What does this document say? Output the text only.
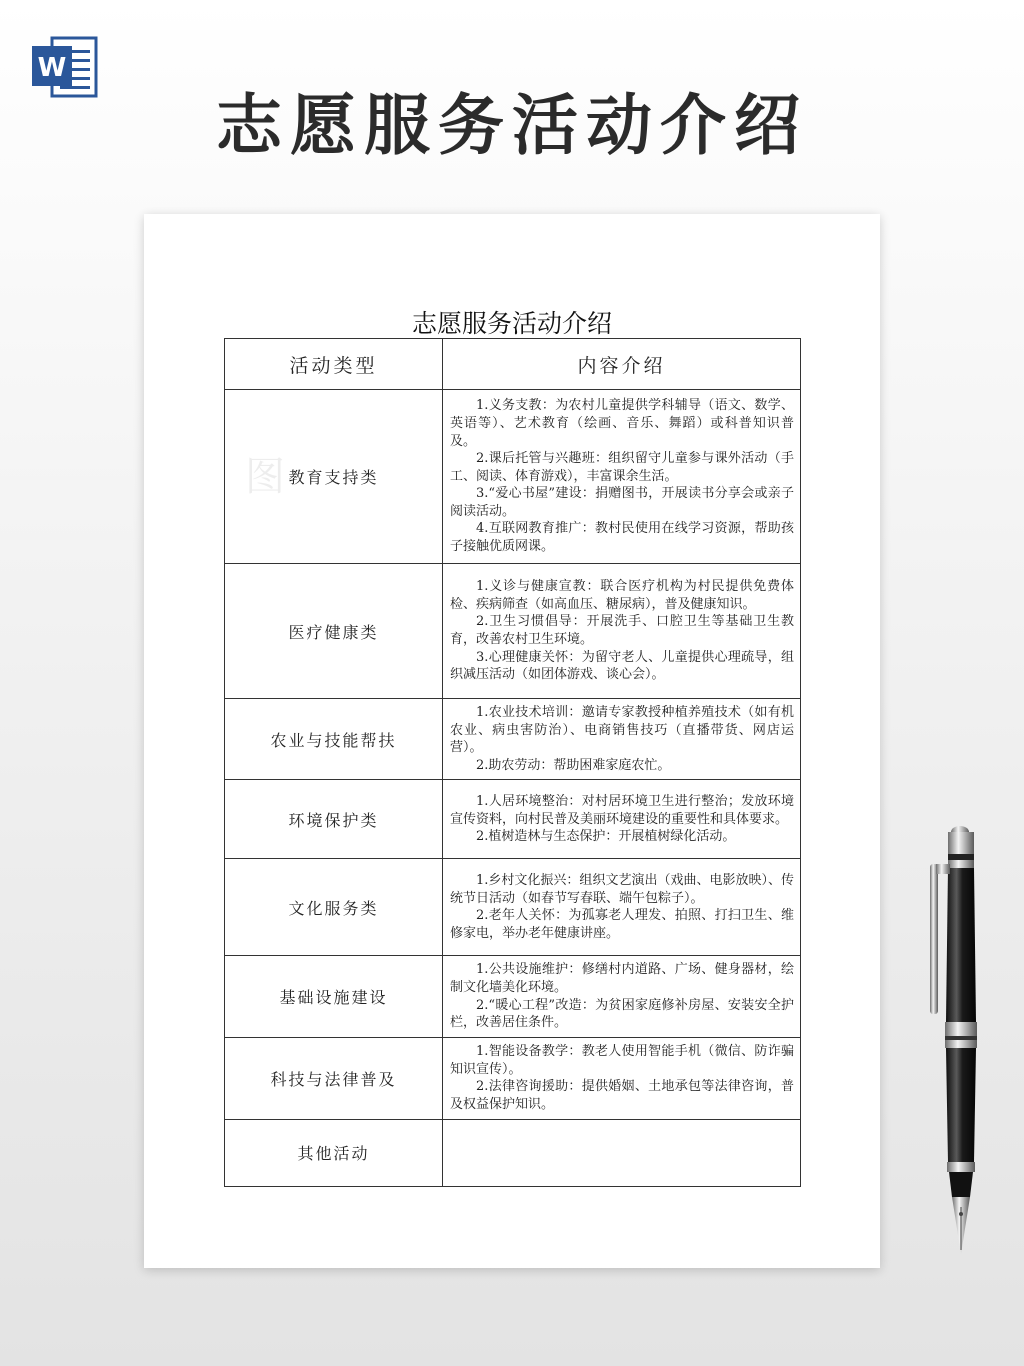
W
志愿服务活动介绍
志愿服务活动介绍
活动类型	内容介绍
教育支持类	1.义务支教：为农村儿童提供学科辅导（语文、数学、英语等）、艺术教育（绘画、音乐、舞蹈）或科普知识普及。

2.课后托管与兴趣班：组织留守儿童参与课外活动（手工、阅读、体育游戏），丰富课余生活。

3.“爱心书屋”建设：捐赠图书，开展读书分享会或亲子阅读活动。

4.互联网教育推广：教村民使用在线学习资源，帮助孩子接触优质网课。

医疗健康类	1.义诊与健康宣教：联合医疗机构为村民提供免费体检、疾病筛查（如高血压、糖尿病），普及健康知识。

2.卫生习惯倡导：开展洗手、口腔卫生等基础卫生教育，改善农村卫生环境。

3.心理健康关怀：为留守老人、儿童提供心理疏导，组织减压活动（如团体游戏、谈心会）。

农业与技能帮扶	1.农业技术培训：邀请专家教授种植养殖技术（如有机农业、病虫害防治）、电商销售技巧（直播带货、网店运营）。

2.助农劳动：帮助困难家庭农忙。

环境保护类	1.人居环境整治：对村居环境卫生进行整治；发放环境宣传资料，向村民普及美丽环境建设的重要性和具体要求。

2.植树造林与生态保护：开展植树绿化活动。

文化服务类	1.乡村文化振兴：组织文艺演出（戏曲、电影放映）、传统节日活动（如春节写春联、端午包粽子）。

2.老年人关怀：为孤寡老人理发、拍照、打扫卫生、维修家电，举办老年健康讲座。

基础设施建设	1.公共设施维护：修缮村内道路、广场、健身器材，绘制文化墙美化环境。

2.“暖心工程”改造：为贫困家庭修补房屋、安装安全护栏，改善居住条件。

科技与法律普及	1.智能设备教学：教老人使用智能手机（微信、防诈骗知识宣传）。

2.法律咨询援助：提供婚姻、土地承包等法律咨询，普及权益保护知识。

其他活动	
